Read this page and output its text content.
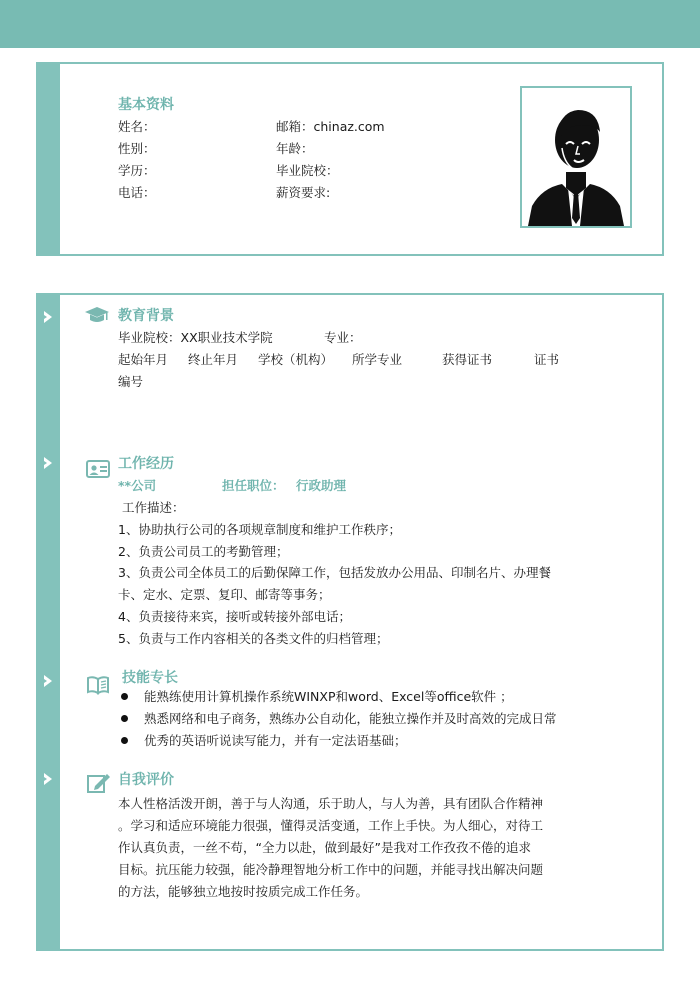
基本资料
姓名：	邮箱：chinaz.com
性别：	年龄：
学历：	毕业院校：
电话：	薪资要求:
教育背景
毕业院校：XX职业技术学院	专业：
起始年月 终止年月 学校（机构） 所学专业	获得证书	证书
编号
工作经历
**公司	担任职位： 行政助理
工作描述：
1、协助执行公司的各项规章制度和维护工作秩序；
2、负责公司员工的考勤管理；
3、负责公司全体员工的后勤保障工作，包括发放办公用品、印制名片、办理餐
卡、定水、定票、复印、邮寄等事务；
4、负责接待来宾，接听或转接外部电话；
5、负责与工作内容相关的各类文件的归档管理；
技能专长
能熟练使用计算机操作系统WINXP和word、Excel等office软件 ；
熟悉网络和电子商务，熟练办公自动化，能独立操作并及时高效的完成日常
优秀的英语听说读写能力，并有一定法语基础；
自我评价
本人性格活泼开朗，善于与人沟通，乐于助人，与人为善，具有团队合作精神
。学习和适应环境能力很强，懂得灵活变通，工作上手快。为人细心，对待工
作认真负责，一丝不苟，“全力以赴，做到最好”是我对工作孜孜不倦的追求
目标。抗压能力较强，能冷静理智地分析工作中的问题，并能寻找出解决问题
的方法，能够独立地按时按质完成工作任务。
